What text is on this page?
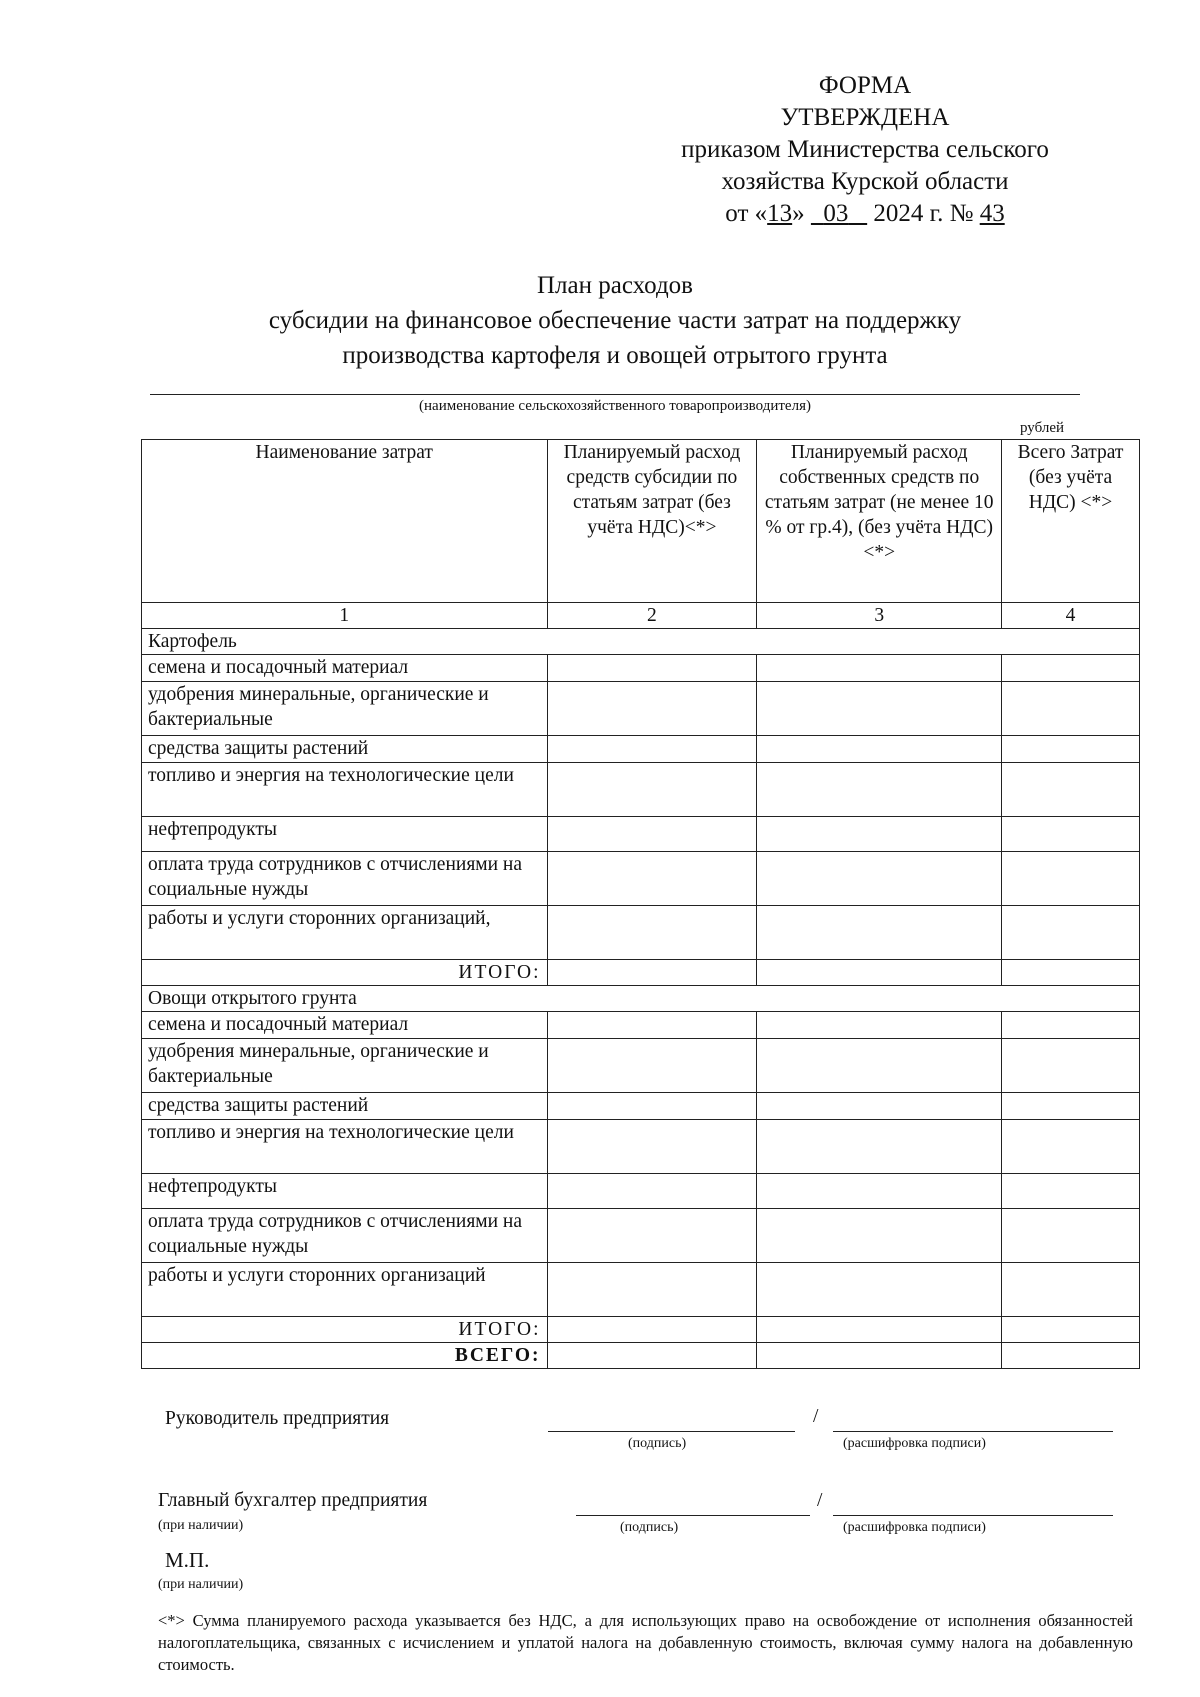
ФОРМА
УТВЕРЖДЕНА
приказом Министерства сельского
хозяйства Курской области
от «13» 03 2024 г. № 43
План расходов
субсидии на финансовое обеспечение части затрат на поддержку
производства картофеля и овощей отрытого грунта
(наименование сельскохозяйственного товаропроизводителя)
рублей
Наименование затрат	Планируемый расход средств субсидии по статьям затрат (без учёта НДС)<*>	Планируемый расход собственных средств по статьям затрат (не менее 10 % от гр.4), (без учёта НДС)<*>	Всего Затрат (без учёта НДС) <*>
1	2	3	4
Картофель			
семена и посадочный материал			
удобрения минеральные, органические и бактериальные			
средства защиты растений			
топливо и энергия на технологические цели			
нефтепродукты			
оплата труда сотрудников с отчислениями на социальные нужды			
работы и услуги сторонних организаций,			
ИТОГО:			
Овощи открытого грунта			
семена и посадочный материал			
удобрения минеральные, органические и бактериальные			
средства защиты растений			
топливо и энергия на технологические цели			
нефтепродукты			
оплата труда сотрудников с отчислениями на социальные нужды			
работы и услуги сторонних организаций			
ИТОГО:			
ВСЕГО:			
Руководитель предприятия	/
(подпись)	(расшифровка подписи)
Главный бухгалтер предприятия
(при наличии)
/
(подпись)	(расшифровка подписи)
М.П.
(при наличии)
<*> Сумма планируемого расхода указывается без НДС, а для использующих право на освобождение от исполнения обязанностей налогоплательщика, связанных с исчислением и уплатой налога на добавленную стоимость, включая сумму налога на добавленную стоимость.
